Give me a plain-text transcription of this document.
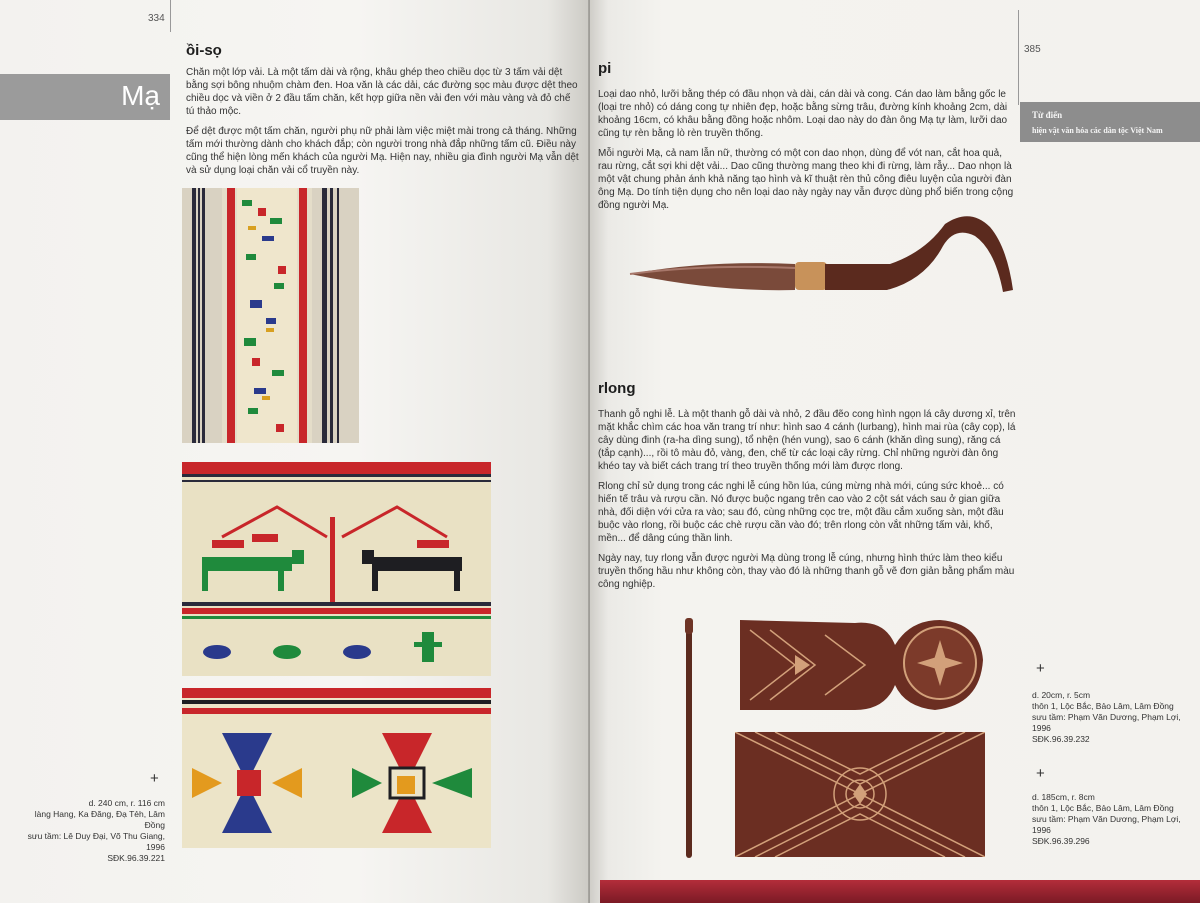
334
Mạ
ồi-sọ

Chăn một lớp vải. Là một tấm dài và rộng, khâu ghép theo chiều dọc từ 3 tấm vải dệt bằng sợi bông nhuộm chàm đen. Hoa văn là các dải, các đường sọc màu được dệt theo chiều dọc và viền ở 2 đầu tấm chăn, kết hợp giữa nền vải đen với màu vàng và đỏ chế tú thảo mộc.

Để dệt được một tấm chăn, người phụ nữ phải làm việc miệt mài trong cả tháng. Những tấm mới thường dành cho khách đắp; còn người trong nhà đắp những tấm cũ. Điều này cũng thể hiện lòng mến khách của người Mạ. Hiện nay, nhiều gia đình người Mạ vẫn dệt và sử dụng loại chăn vải cổ truyền này.

+
d. 240 cm, r. 116 cm
làng Hang, Ka Đăng, Đạ Tẻh, Lâm Đồng
sưu tầm: Lê Duy Đại, Võ Thu Giang,
1996
SĐK.96.39.221
385
Từ điển
hiện vật văn hóa các dân tộc Việt Nam
pi

Loại dao nhỏ, lưỡi bằng thép có đầu nhọn và dài, cán dài và cong. Cán dao làm bằng gốc le (loại tre nhỏ) có dáng cong tự nhiên đẹp, hoặc bằng sừng trâu, đường kính khoảng 2cm, dài khoảng 16cm, có khâu bằng đồng hoặc nhôm. Loại dao này do đàn ông Mạ tự làm, lưỡi dao cũng tự rèn bằng lò rèn truyền thống.

Mỗi người Mạ, cả nam lẫn nữ, thường có một con dao nhọn, dùng để vót nan, cắt hoa quả, rau rừng, cắt sợi khi dệt vải... Dao cũng thường mang theo khi đi rừng, làm rẫy... Dao nhọn là một vật chung phản ánh khả năng tạo hình và kĩ thuật rèn thủ công điêu luyện của người đàn ông Mạ. Do tính tiện dụng cho nên loại dao này ngày nay vẫn được dùng phổ biến trong cộng đồng người Mạ.

rlong

Thanh gỗ nghi lễ. Là một thanh gỗ dài và nhỏ, 2 đầu đẽo cong hình ngọn lá cây dương xỉ, trên mặt khắc chìm các hoa văn trang trí như: hình sao 4 cánh (lurbang), hình mai rùa (cây cọp), lá cây dùng đinh (ra-ha dìng sung), tổ nhện (hén vung), sao 6 cánh (khăn dìng sung), răng cá (tắp cạnh)..., rồi tô màu đỏ, vàng, đen, chế từ các loại cây rừng. Chỉ những người đàn ông khéo tay và biết cách trang trí theo truyền thống mới làm được rlong.

Rlong chỉ sử dụng trong các nghi lễ cúng hồn lúa, cúng mừng nhà mới, cúng sức khoẻ... có hiến tế trâu và rượu cần. Nó được buộc ngang trên cao vào 2 cột sát vách sau ở gian giữa nhà, đối diện với cửa ra vào; sau đó, cùng những cọc tre, một đầu cắm xuống sàn, một đầu buộc vào rlong, rồi buộc các chè rượu cần vào đó; trên rlong còn vắt những tấm vải, khố, mền... để dâng cúng thần linh.

Ngày nay, tuy rlong vẫn được người Mạ dùng trong lễ cúng, nhưng hình thức làm theo kiểu truyền thống hầu như không còn, thay vào đó là những thanh gỗ vẽ đơn giản bằng phẩm màu công nghiệp.

+
d. 20cm, r. 5cm
thôn 1, Lộc Bắc, Bảo Lâm, Lâm Đồng
sưu tầm: Phạm Văn Dương, Phạm Lợi,
1996
SĐK.96.39.232
+
d. 185cm, r. 8cm
thôn 1, Lộc Bắc, Bảo Lâm, Lâm Đồng
sưu tầm: Phạm Văn Dương, Phạm Lợi,
1996
SĐK.96.39.296
